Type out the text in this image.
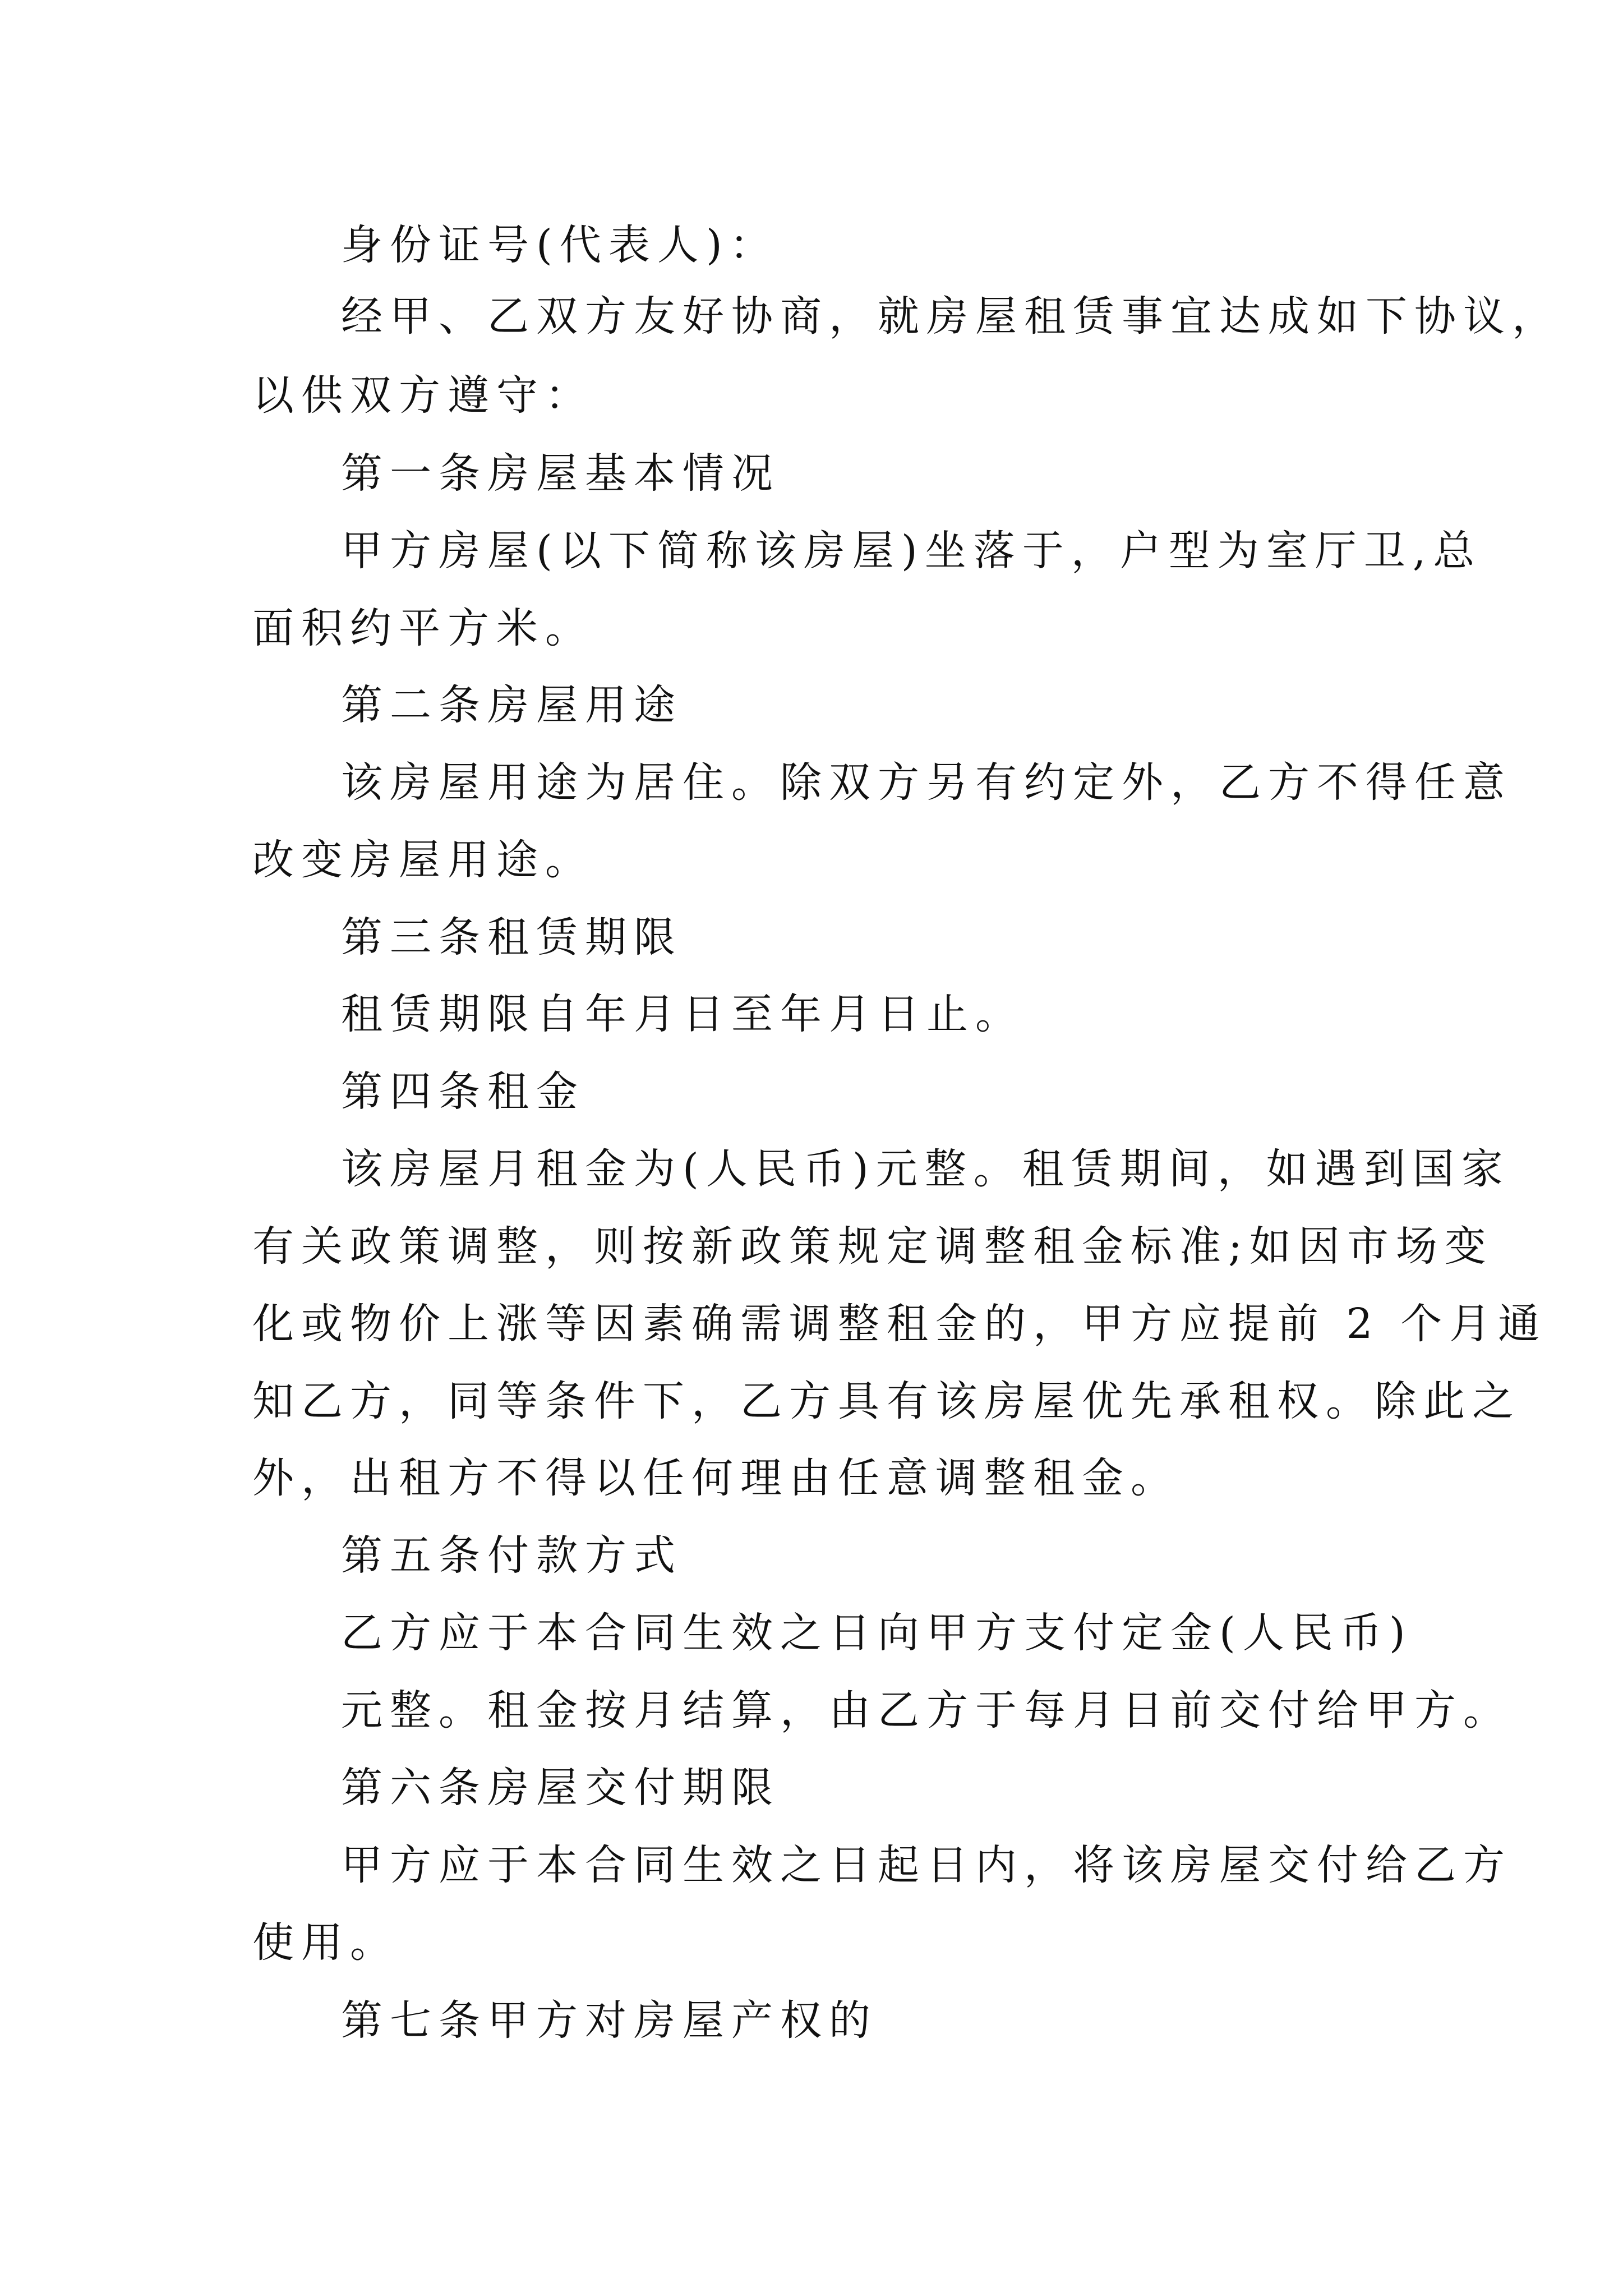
身份证号(代表人)：
经甲、乙双方友好协商，就房屋租赁事宜达成如下协议，
以供双方遵守：
第一条房屋基本情况
甲方房屋(以下简称该房屋)坐落于，户型为室厅卫,总
面积约平方米。
第二条房屋用途
该房屋用途为居住。除双方另有约定外，乙方不得任意
改变房屋用途。
第三条租赁期限
租赁期限自年月日至年月日止。
第四条租金
该房屋月租金为(人民币)元整。租赁期间，如遇到国家
有关政策调整，则按新政策规定调整租金标准;如因市场变
化或物价上涨等因素确需调整租金的，甲方应提前 2 个月通
知乙方，同等条件下，乙方具有该房屋优先承租权。除此之
外，出租方不得以任何理由任意调整租金。
第五条付款方式
乙方应于本合同生效之日向甲方支付定金(人民币)
元整。租金按月结算，由乙方于每月日前交付给甲方。
第六条房屋交付期限
甲方应于本合同生效之日起日内，将该房屋交付给乙方
使用。
第七条甲方对房屋产权的
